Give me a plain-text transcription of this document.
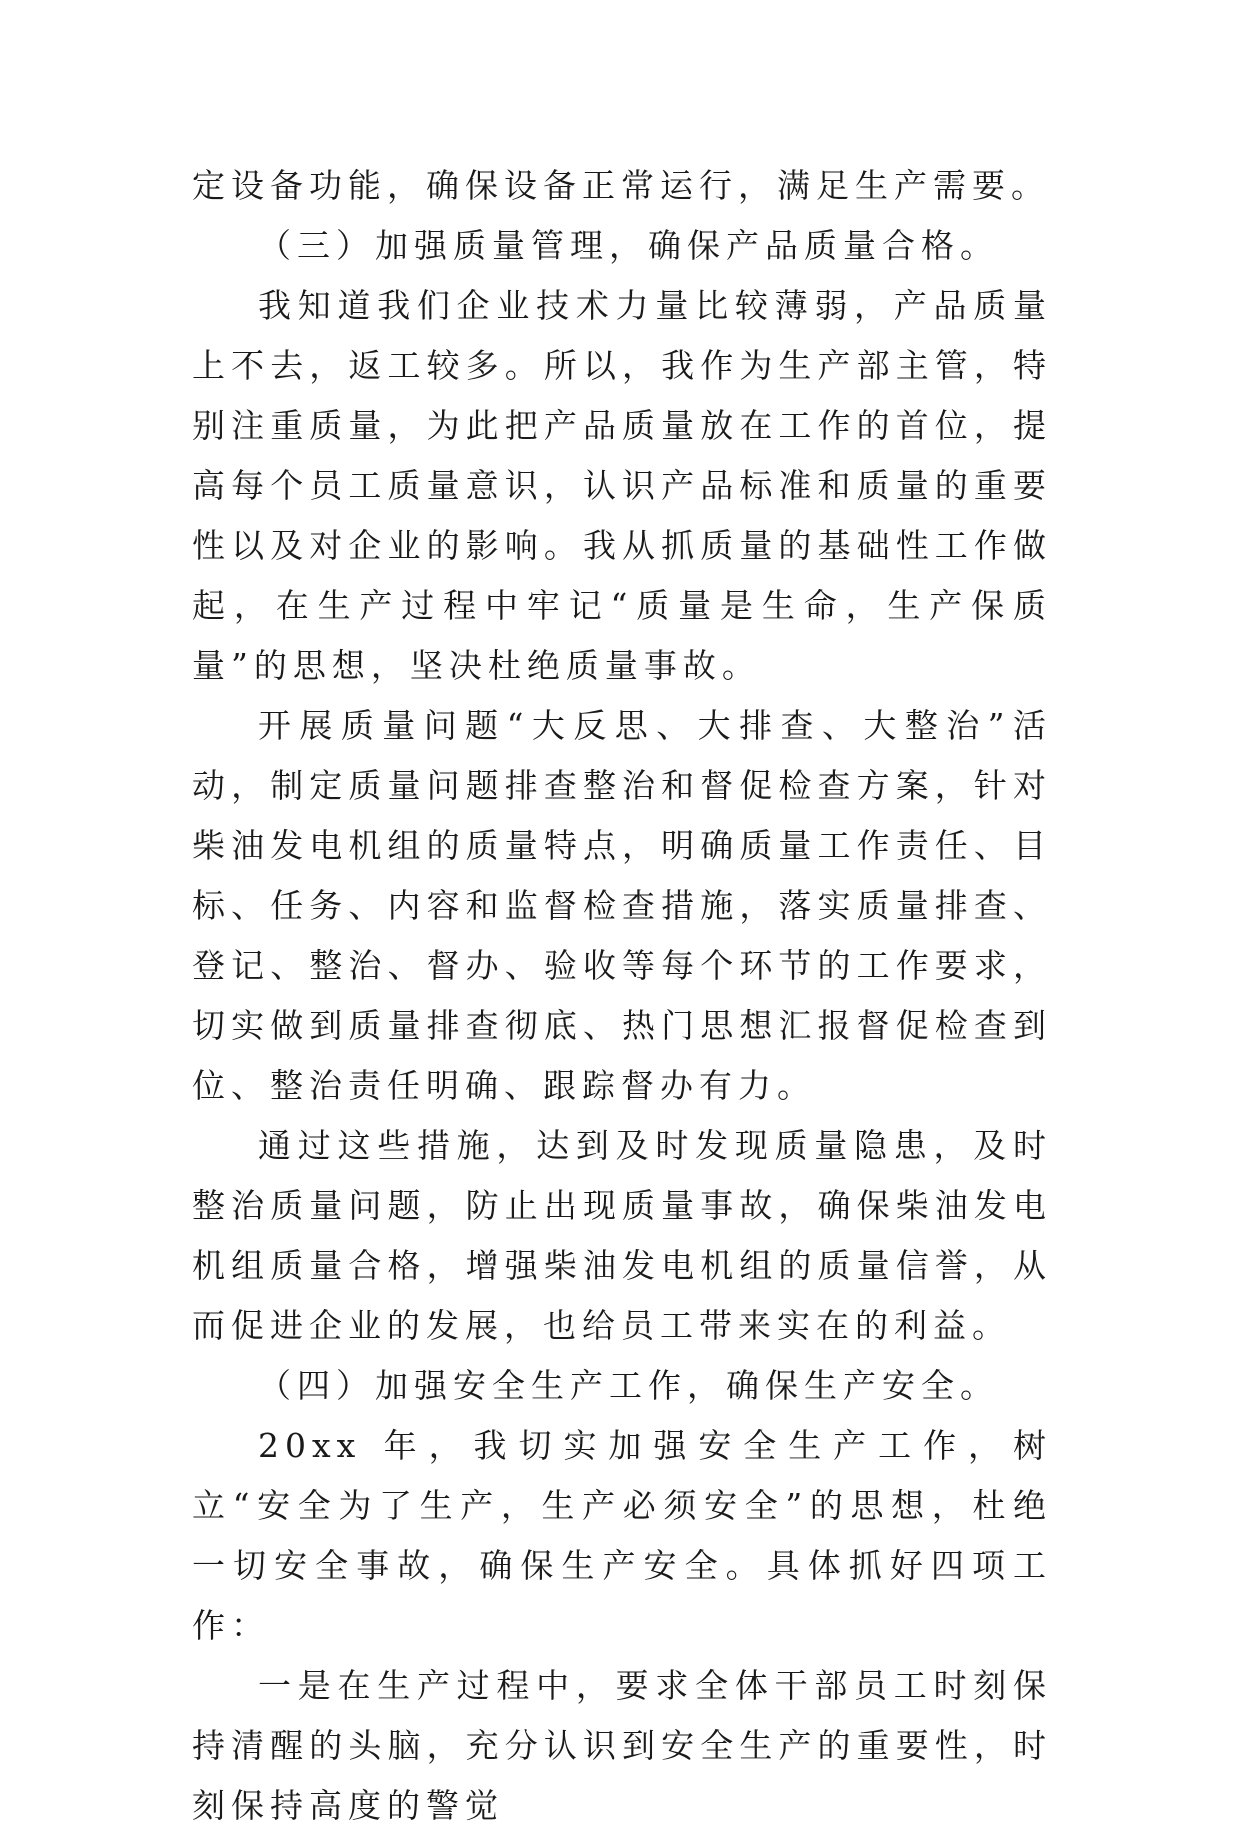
定设备功能，确保设备正常运行，满足生产需要。

（三）加强质量管理，确保产品质量合格。

我知道我们企业技术力量比较薄弱，产品质量上不去，返工较多。所以，我作为生产部主管，特别注重质量，为此把产品质量放在工作的首位，提高每个员工质量意识，认识产品标准和质量的重要性以及对企业的影响。我从抓质量的基础性工作做起，在生产过程中牢记“质量是生命，生产保质量”的思想，坚决杜绝质量事故。

开展质量问题“大反思、大排查、大整治”活动，制定质量问题排查整治和督促检查方案，针对柴油发电机组的质量特点，明确质量工作责任、目标、任务、内容和监督检查措施，落实质量排查、登记、整治、督办、验收等每个环节的工作要求，切实做到质量排查彻底、热门思想汇报督促检查到位、整治责任明确、跟踪督办有力。

通过这些措施，达到及时发现质量隐患，及时整治质量问题，防止出现质量事故，确保柴油发电机组质量合格，增强柴油发电机组的质量信誉，从而促进企业的发展，也给员工带来实在的利益。

（四）加强安全生产工作，确保生产安全。

20xx 年，我切实加强安全生产工作，树立“安全为了生产，生产必须安全”的思想，杜绝一切安全事故，确保生产安全。具体抓好四项工作：

一是在生产过程中，要求全体干部员工时刻保持清醒的头脑，充分认识到安全生产的重要性，时刻保持高度的警觉
